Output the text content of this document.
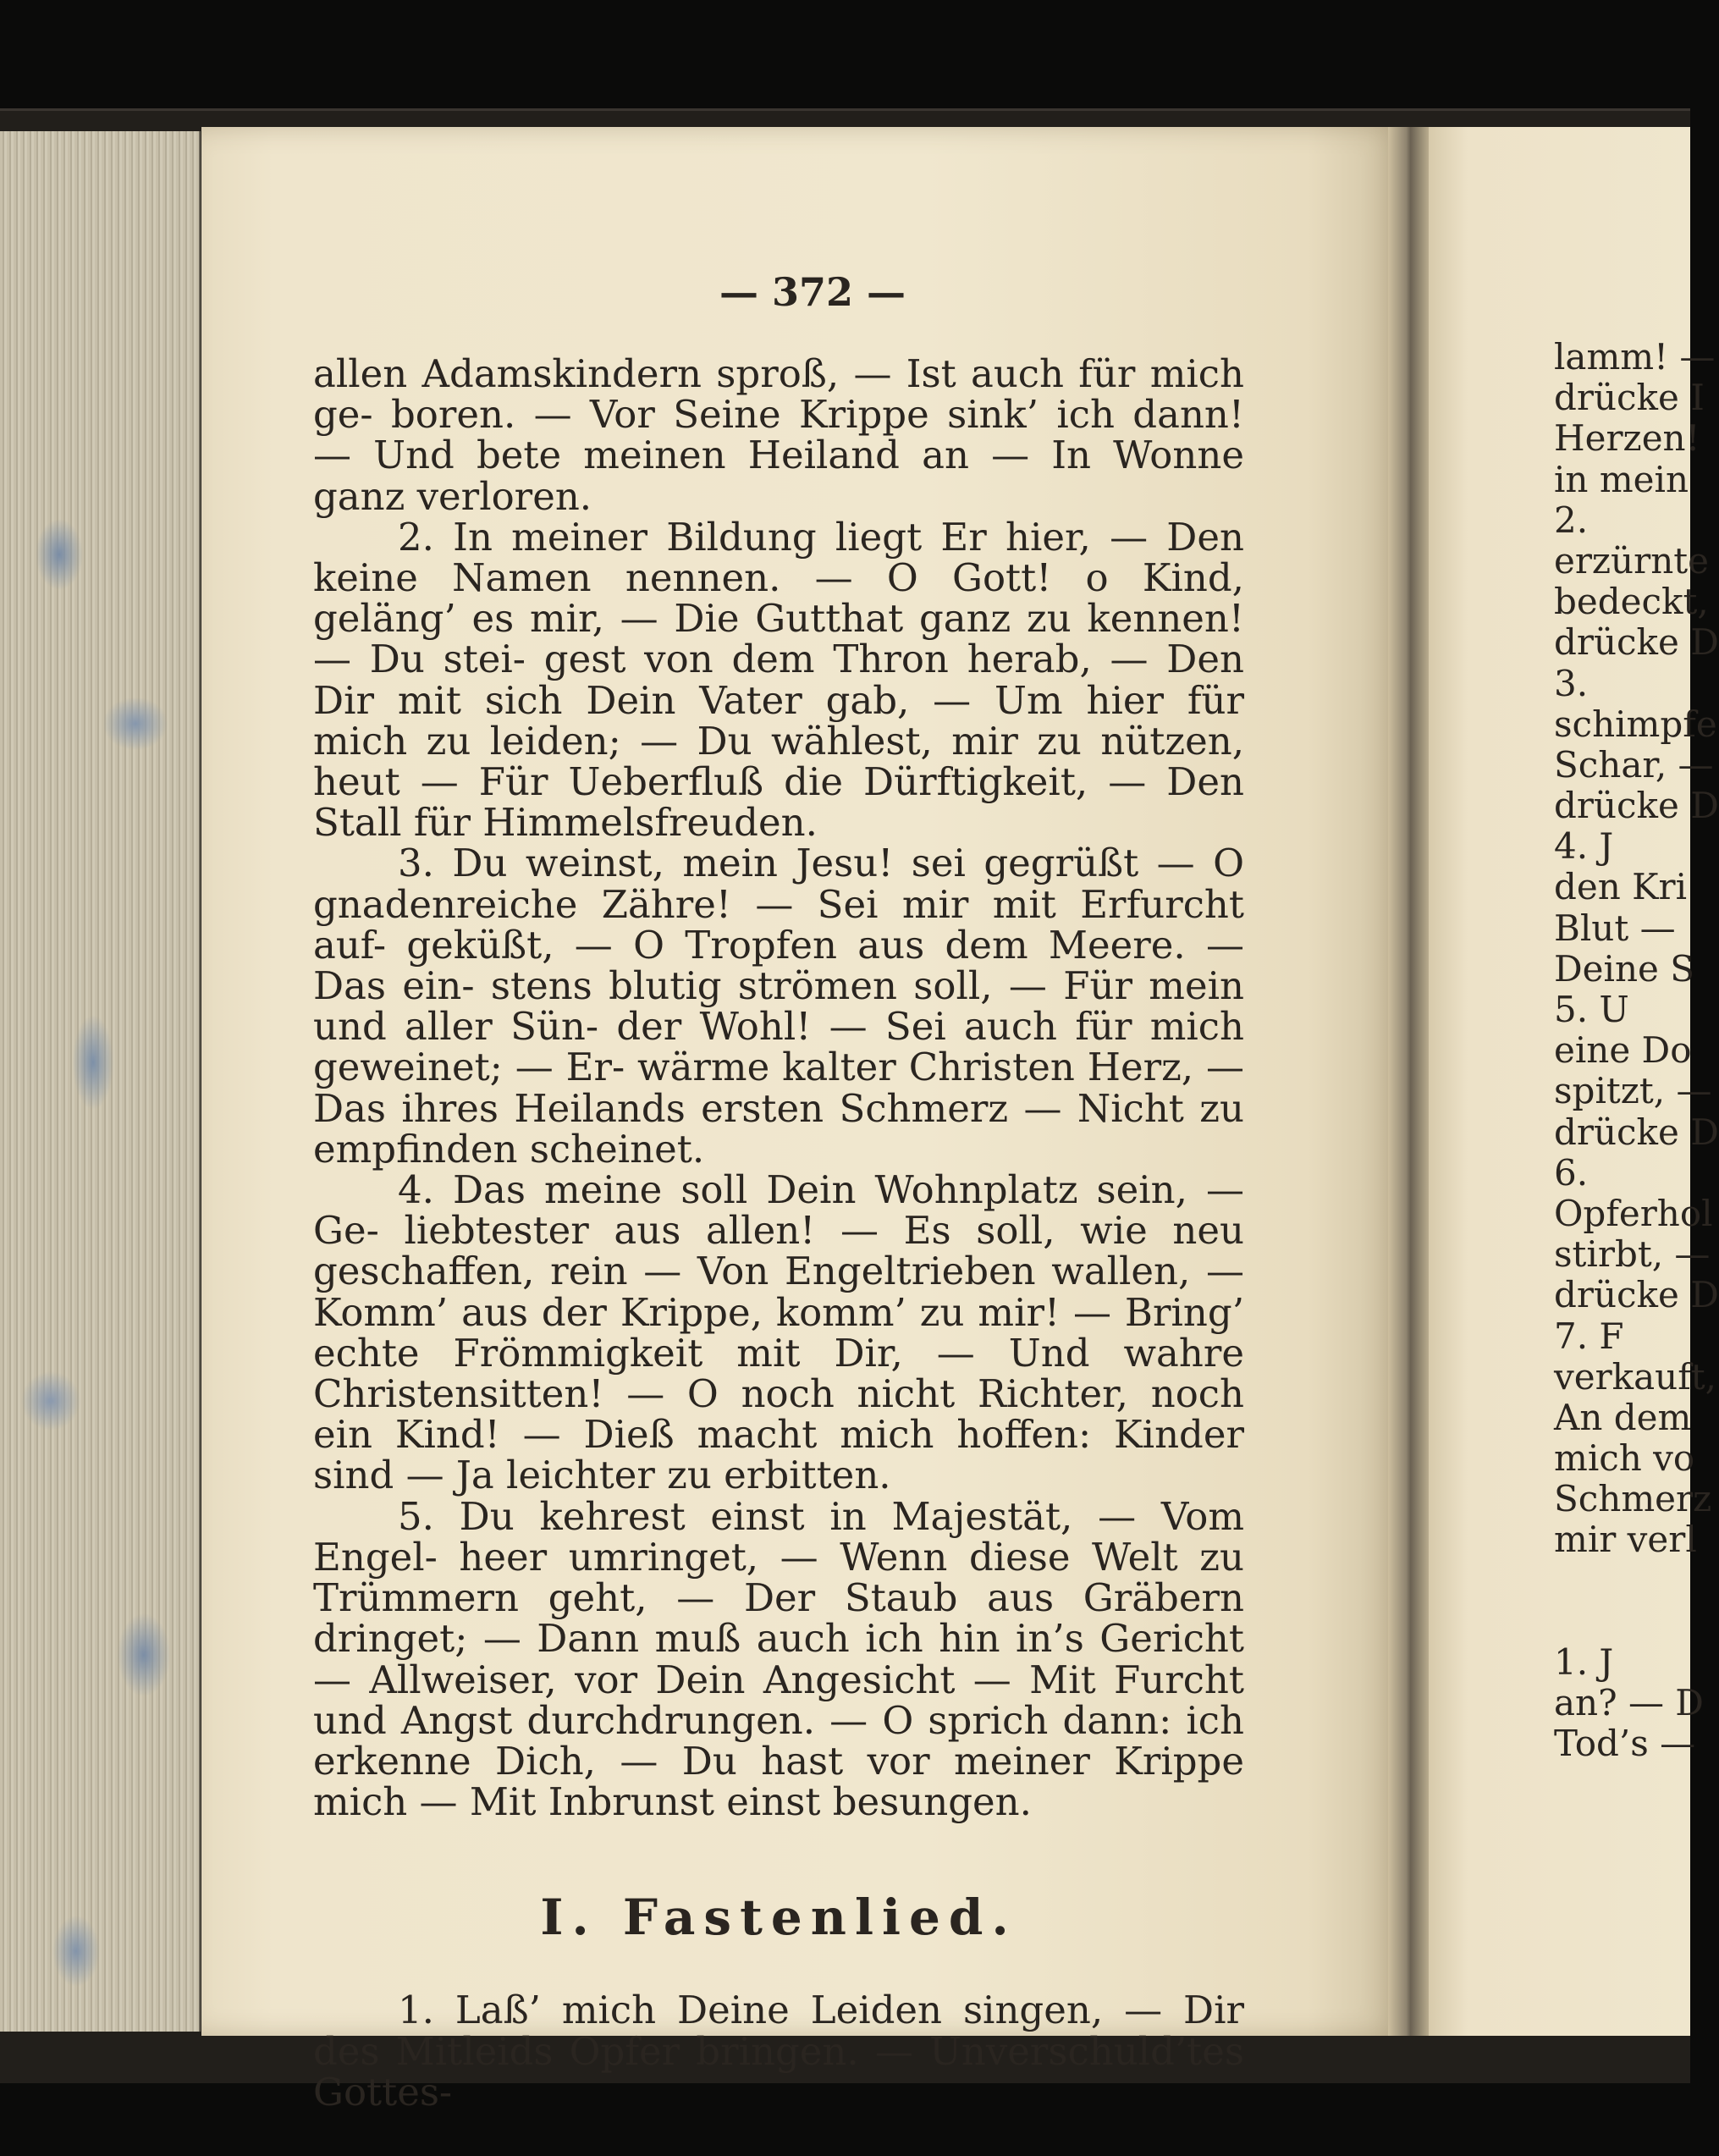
— 372 —

allen Adamskindern sproß, — Ist auch für mich ge- boren. — Vor Seine Krippe sink’ ich dann! — Und bete meinen Heiland an — In Wonne ganz verloren.

2. In meiner Bildung liegt Er hier, — Den keine Namen nennen. — O Gott! o Kind, geläng’ es mir, — Die Gutthat ganz zu kennen! — Du stei- gest von dem Thron herab, — Den Dir mit sich Dein Vater gab, — Um hier für mich zu leiden; — Du wählest, mir zu nützen, heut — Für Ueberfluß die Dürftigkeit, — Den Stall für Himmelsfreuden.

3. Du weinst, mein Jesu! sei gegrüßt — O gnadenreiche Zähre! — Sei mir mit Erfurcht auf- geküßt, — O Tropfen aus dem Meere. — Das ein- stens blutig strömen soll, — Für mein und aller Sün- der Wohl! — Sei auch für mich geweinet; — Er- wärme kalter Christen Herz, — Das ihres Heilands ersten Schmerz — Nicht zu empfinden scheinet.

4. Das meine soll Dein Wohnplatz sein, — Ge- liebtester aus allen! — Es soll, wie neu geschaffen, rein — Von Engeltrieben wallen, — Komm’ aus der Krippe, komm’ zu mir! — Bring’ echte Frömmigkeit mit Dir, — Und wahre Christensitten! — O noch nicht Richter, noch ein Kind! — Dieß macht mich hoffen: Kinder sind — Ja leichter zu erbitten.

5. Du kehrest einst in Majestät, — Vom Engel- heer umringet, — Wenn diese Welt zu Trümmern geht, — Der Staub aus Gräbern dringet; — Dann muß auch ich hin in’s Gericht — Allweiser, vor Dein Angesicht — Mit Furcht und Angst durchdrungen. — O sprich dann: ich erkenne Dich, — Du hast vor meiner Krippe mich — Mit Inbrunst einst besungen.

I. Fastenlied.

1. Laß’ mich Deine Leiden singen, — Dir des Mitleids Opfer bringen. — Unverschuld’tes Gottes-

lamm! —
drücke I
Herzen!
in mein
2.
erzürnte
bedeckt,
drücke D
3.
schimpfe
Schar, —
drücke D
4. J
den Kri
Blut —
Deine S
5. U
eine Do
spitzt, —
drücke D
6.
Opferhol
stirbt, —
drücke D
7. F
verkauft,
An dem
mich vo
Schmerz
mir verl
1. J
an? — D
Tod’s —
